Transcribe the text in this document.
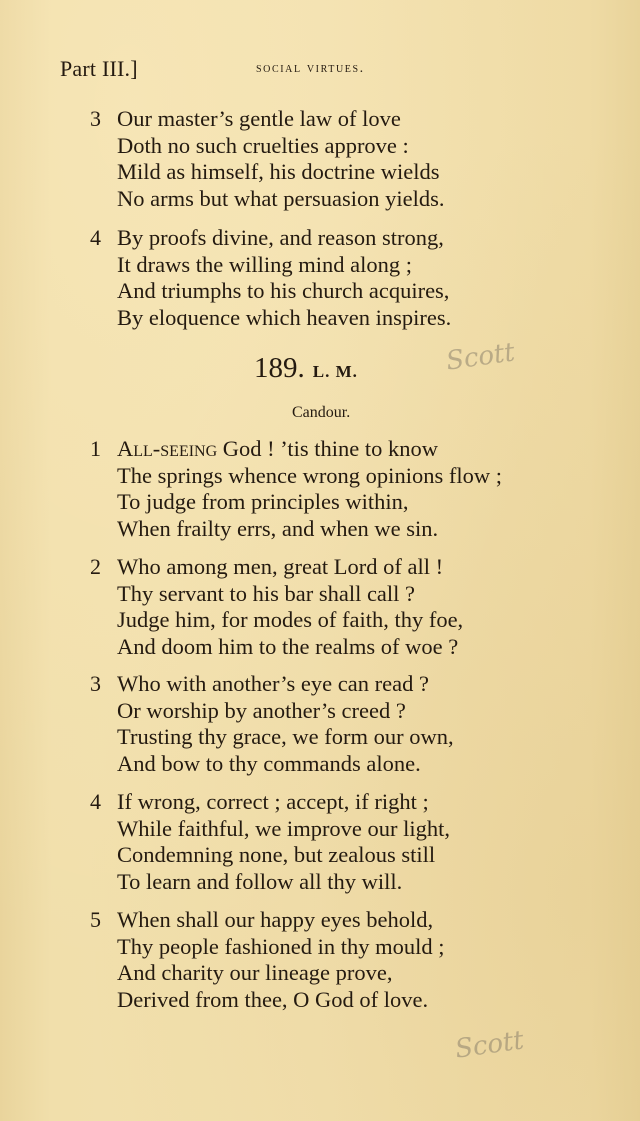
Part III.]	social virtues.
3 Our master’s gentle law of love
Doth no such cruelties approve :
Mild as himself, his doctrine wields
No arms but what persuasion yields.
4 By proofs divine, and reason strong,
It draws the willing mind along ;
And triumphs to his church acquires,
By eloquence which heaven inspires.
189. L. M.
Candour.
Scott
1 All-seeing God ! ’tis thine to know
The springs whence wrong opinions flow ;
To judge from principles within,
When frailty errs, and when we sin.
2 Who among men, great Lord of all !
Thy servant to his bar shall call ?
Judge him, for modes of faith, thy foe,
And doom him to the realms of woe ?
3 Who with another’s eye can read ?
Or worship by another’s creed ?
Trusting thy grace, we form our own,
And bow to thy commands alone.
4 If wrong, correct ; accept, if right ;
While faithful, we improve our light,
Condemning none, but zealous still
To learn and follow all thy will.
5 When shall our happy eyes behold,
Thy people fashioned in thy mould ;
And charity our lineage prove,
Derived from thee, O God of love.
Scott
